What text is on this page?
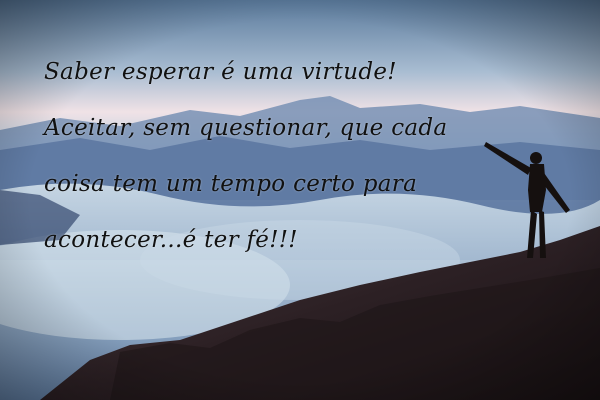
Saber esperar é uma virtude!
Aceitar, sem questionar, que cada
coisa tem um tempo certo para
acontecer...é ter fé!!!
